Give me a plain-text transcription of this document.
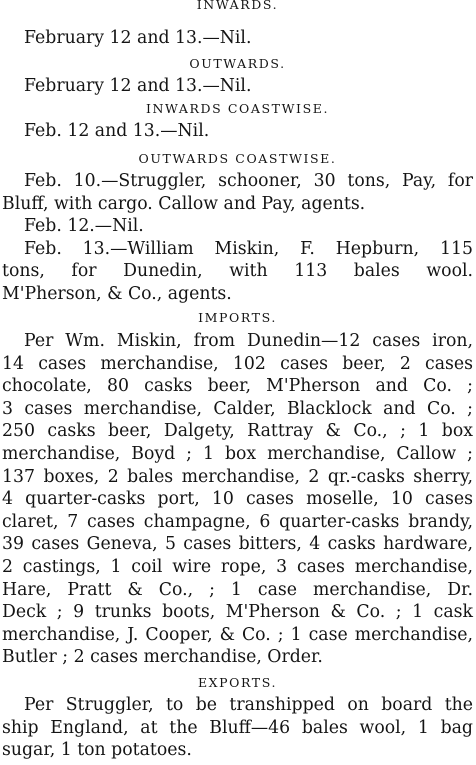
INWARDS.

February 12 and 13.—Nil.

OUTWARDS.

February 12 and 13.—Nil.

INWARDS COASTWISE.

Feb. 12 and 13.—Nil.

OUTWARDS COASTWISE.

Feb. 10.—Struggler, schooner, 30 tons, Pay, for

Bluff, with cargo. Callow and Pay, agents.

Feb. 12.—Nil.

Feb. 13.—William Miskin, F. Hepburn, 115

tons, for Dunedin, with 113 bales wool.

M'Pherson, & Co., agents.

IMPORTS.

Per Wm. Miskin, from Dunedin—12 cases iron,

14 cases merchandise, 102 cases beer, 2 cases

chocolate, 80 casks beer, M'Pherson and Co. ;

3 cases merchandise, Calder, Blacklock and Co. ;

250 casks beer, Dalgety, Rattray & Co., ; 1 box

merchandise, Boyd ; 1 box merchandise, Callow ;

137 boxes, 2 bales merchandise, 2 qr.-casks sherry,

4 quarter-casks port, 10 cases moselle, 10 cases

claret, 7 cases champagne, 6 quarter-casks brandy,

39 cases Geneva, 5 cases bitters, 4 casks hardware,

2 castings, 1 coil wire rope, 3 cases merchandise,

Hare, Pratt & Co., ; 1 case merchandise, Dr.

Deck ; 9 trunks boots, M'Pherson & Co. ; 1 cask

merchandise, J. Cooper, & Co. ; 1 case merchandise,

Butler ; 2 cases merchandise, Order.

EXPORTS.

Per Struggler, to be transhipped on board the

ship England, at the Bluff—46 bales wool, 1 bag

sugar, 1 ton potatoes.
